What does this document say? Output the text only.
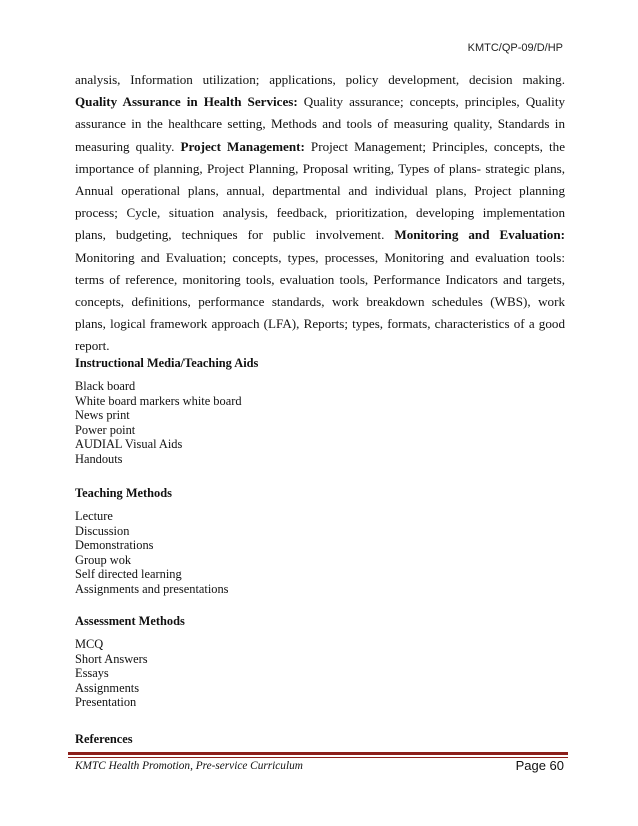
KMTC/QP-09/D/HP
analysis, Information utilization; applications, policy development, decision making. Quality Assurance in Health Services: Quality assurance; concepts, principles, Quality assurance in the healthcare setting, Methods and tools of measuring quality, Standards in measuring quality. Project Management: Project Management; Principles, concepts, the importance of planning, Project Planning, Proposal writing, Types of plans- strategic plans, Annual operational plans, annual, departmental and individual plans, Project planning process; Cycle, situation analysis, feedback, prioritization, developing implementation plans, budgeting, techniques for public involvement. Monitoring and Evaluation: Monitoring and Evaluation; concepts, types, processes, Monitoring and evaluation tools: terms of reference, monitoring tools, evaluation tools, Performance Indicators and targets, concepts, definitions, performance standards, work breakdown schedules (WBS), work plans, logical framework approach (LFA), Reports; types, formats, characteristics of a good report.
Instructional Media/Teaching Aids
Black board
White board markers white board
News print
Power point
AUDIAL Visual Aids
Handouts
Teaching Methods
Lecture
Discussion
Demonstrations
Group wok
Self directed learning
Assignments and presentations
Assessment Methods
MCQ
Short Answers
Essays
Assignments
Presentation
References
KMTC Health Promotion, Pre-service Curriculum	Page 60
